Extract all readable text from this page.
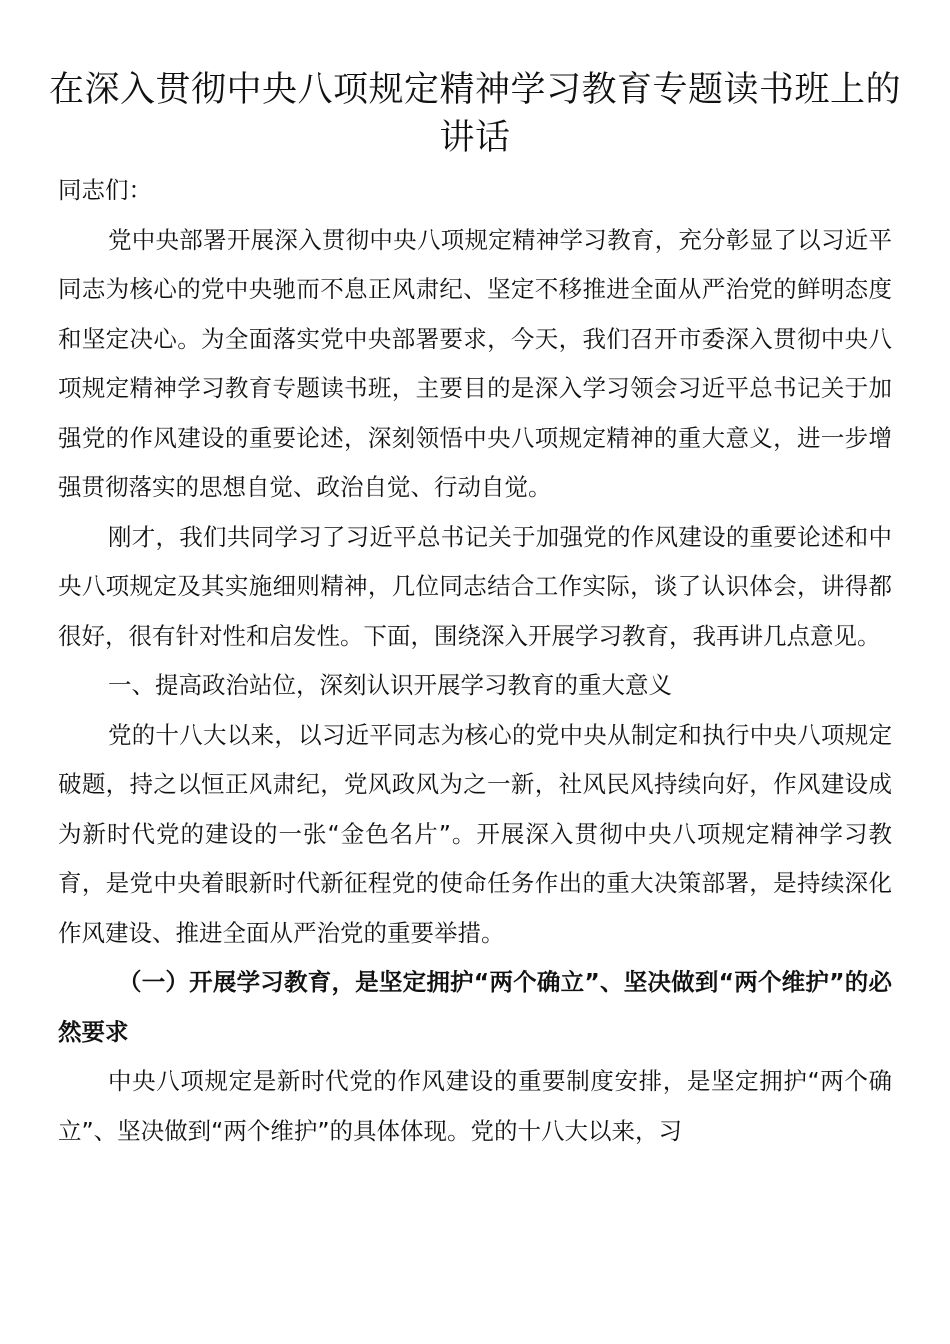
在深入贯彻中央八项规定精神学习教育专题读书班上的讲话

同志们：

党中央部署开展深入贯彻中央八项规定精神学习教育，充分彰显了以习近平同志为核心的党中央驰而不息正风肃纪、坚定不移推进全面从严治党的鲜明态度和坚定决心。为全面落实党中央部署要求，今天，我们召开市委深入贯彻中央八项规定精神学习教育专题读书班，主要目的是深入学习领会习近平总书记关于加强党的作风建设的重要论述，深刻领悟中央八项规定精神的重大意义，进一步增强贯彻落实的思想自觉、政治自觉、行动自觉。

刚才，我们共同学习了习近平总书记关于加强党的作风建设的重要论述和中央八项规定及其实施细则精神，几位同志结合工作实际，谈了认识体会，讲得都很好，很有针对性和启发性。下面，围绕深入开展学习教育，我再讲几点意见。

一、提高政治站位，深刻认识开展学习教育的重大意义

党的十八大以来，以习近平同志为核心的党中央从制定和执行中央八项规定破题，持之以恒正风肃纪，党风政风为之一新，社风民风持续向好，作风建设成为新时代党的建设的一张“金色名片”。开展深入贯彻中央八项规定精神学习教育，是党中央着眼新时代新征程党的使命任务作出的重大决策部署，是持续深化作风建设、推进全面从严治党的重要举措。

（一）开展学习教育，是坚定拥护“两个确立”、坚决做到“两个维护”的必然要求

中央八项规定是新时代党的作风建设的重要制度安排，是坚定拥护“两个确立”、坚决做到“两个维护”的具体体现。党的十八大以来，习
